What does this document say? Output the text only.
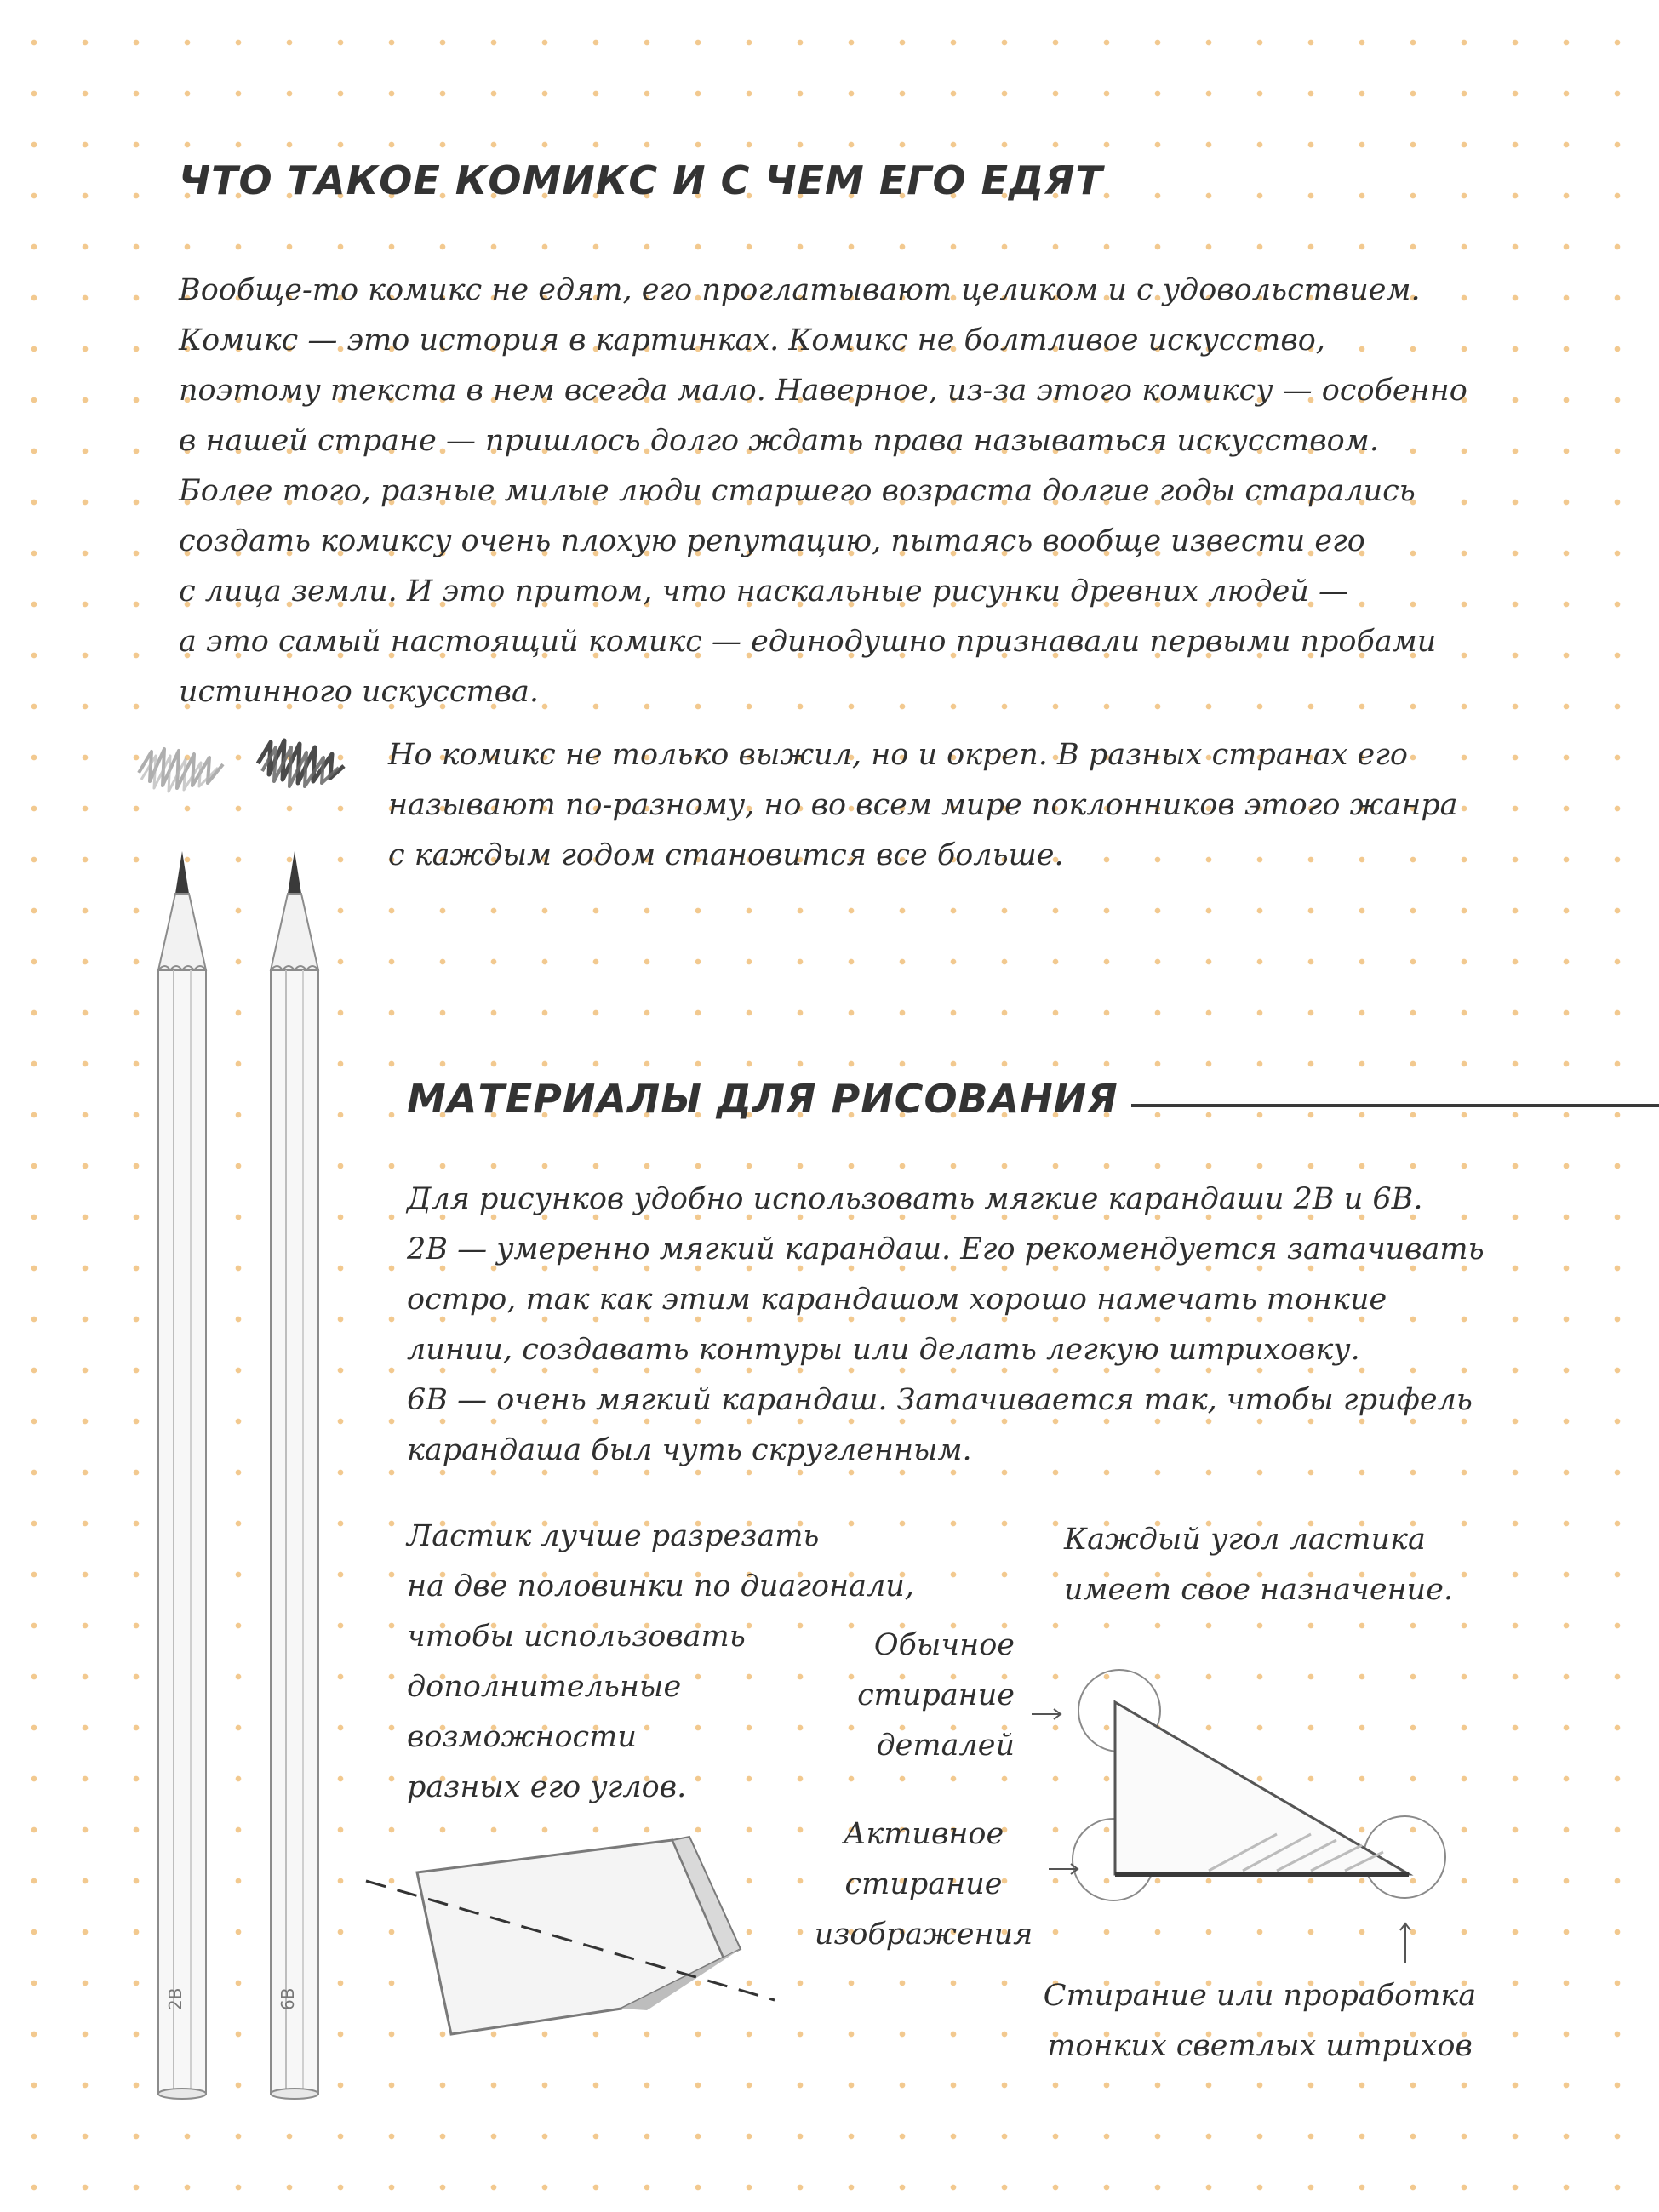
ЧТО ТАКОЕ КОМИКС И С ЧЕМ ЕГО ЕДЯТ
Вообще-то комикс не едят, его проглатывают целиком и с удовольствием.
Комикс — это история в картинках. Комикс не болтливое искусство,
поэтому текста в нем всегда мало. Наверное, из-за этого комиксу — особенно
в нашей стране — пришлось долго ждать права называться искусством.
Более того, разные милые люди старшего возраста долгие годы старались
создать комиксу очень плохую репутацию, пытаясь вообще извести его
с лица земли. И это притом, что наскальные рисунки древних людей —
а это самый настоящий комикс — единодушно признавали первыми пробами
истинного искусства.
Но комикс не только выжил, но и окреп. В разных странах его
называют по-разному, но во всем мире поклонников этого жанра
с каждым годом становится все больше.
2B	6B
МАТЕРИАЛЫ ДЛЯ РИСОВАНИЯ
Для рисунков удобно использовать мягкие карандаши 2B и 6B.
2B — умеренно мягкий карандаш. Его рекомендуется затачивать
остро, так как этим карандашом хорошо намечать тонкие
линии, создавать контуры или делать легкую штриховку.
6B — очень мягкий карандаш. Затачивается так, чтобы грифель
карандаша был чуть скругленным.
Ластик лучше разрезать
на две половинки по диагонали,
чтобы использовать
дополнительные
возможности
разных его углов.
Каждый угол ластика
имеет свое назначение.
Обычное
стирание
деталей
Активное
стирание
изображения
Стирание или проработка
тонких светлых штрихов
